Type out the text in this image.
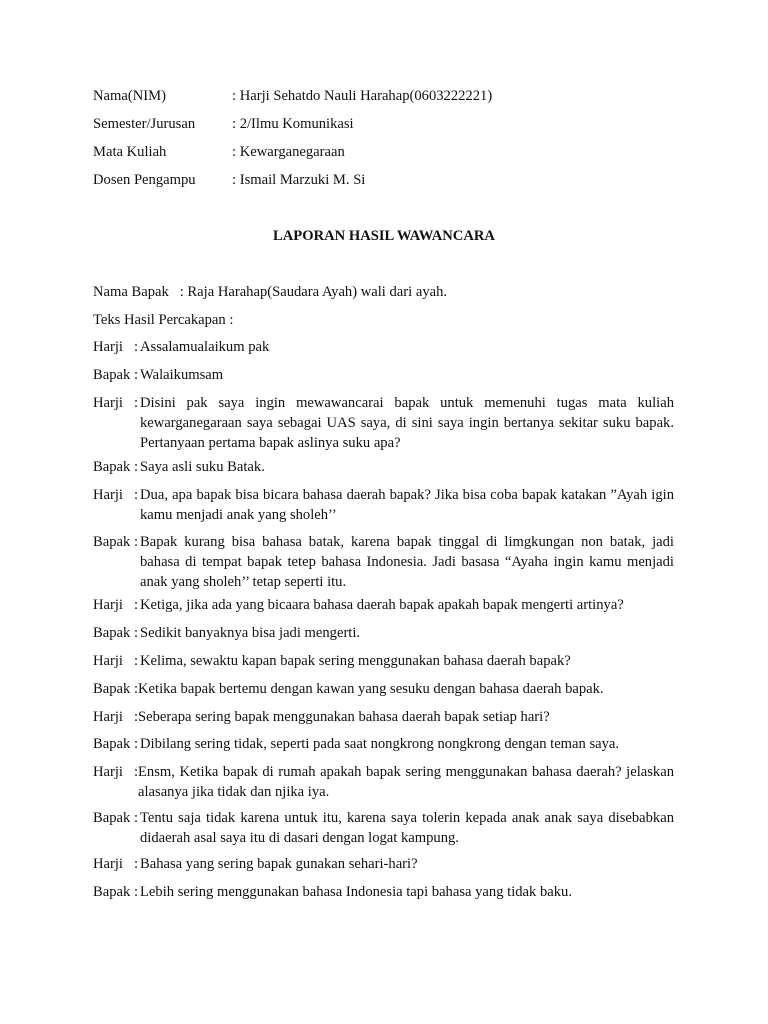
Nama(NIM)	: Harji Sehatdo Nauli Harahap(0603222221)
Semester/Jurusan	: 2/Ilmu Komunikasi
Mata Kuliah	: Kewarganegaraan
Dosen Pengampu : Ismail Marzuki M. Si
LAPORAN HASIL WAWANCARA
Nama Bapak   : Raja Harahap(Saudara Ayah) wali dari ayah.
Teks Hasil Percakapan :
Harji : Assalamualaikum pak
Bapak : Walaikumsam
Harji : Disini pak saya ingin mewawancarai bapak untuk memenuhi tugas mata kuliah kewarganegaraan saya sebagai UAS saya, di sini saya ingin bertanya sekitar suku bapak. Pertanyaan pertama bapak aslinya suku apa?
Bapak : Saya asli suku Batak.
Harji : Dua, apa bapak bisa bicara bahasa daerah bapak? Jika bisa coba bapak katakan ”Ayah igin kamu menjadi anak yang sholeh’’
Bapak : Bapak kurang bisa bahasa batak, karena bapak tinggal di limgkungan non batak, jadi bahasa di tempat bapak tetep bahasa Indonesia. Jadi basasa “Ayaha ingin kamu menjadi anak yang sholeh’’ tetap seperti itu.
Harji : Ketiga, jika ada yang bicaara bahasa daerah bapak apakah bapak mengerti artinya?
Bapak : Sedikit banyaknya bisa jadi mengerti.
Harji : Kelima, sewaktu kapan bapak sering menggunakan bahasa daerah bapak?
Bapak : Ketika bapak bertemu dengan kawan yang sesuku dengan bahasa daerah bapak.
Harji : Seberapa sering bapak menggunakan bahasa daerah bapak setiap hari?
Bapak : Dibilang sering tidak, seperti pada saat nongkrong nongkrong dengan teman saya.
Harji : Ensm, Ketika bapak di rumah apakah bapak sering menggunakan bahasa daerah? jelaskan alasanya jika tidak dan njika iya.
Bapak : Tentu saja tidak karena untuk itu, karena saya tolerin kepada anak anak saya disebabkan didaerah asal saya itu di dasari dengan logat kampung.
Harji : Bahasa yang sering bapak gunakan sehari-hari?
Bapak : Lebih sering menggunakan bahasa Indonesia tapi bahasa yang tidak baku.
